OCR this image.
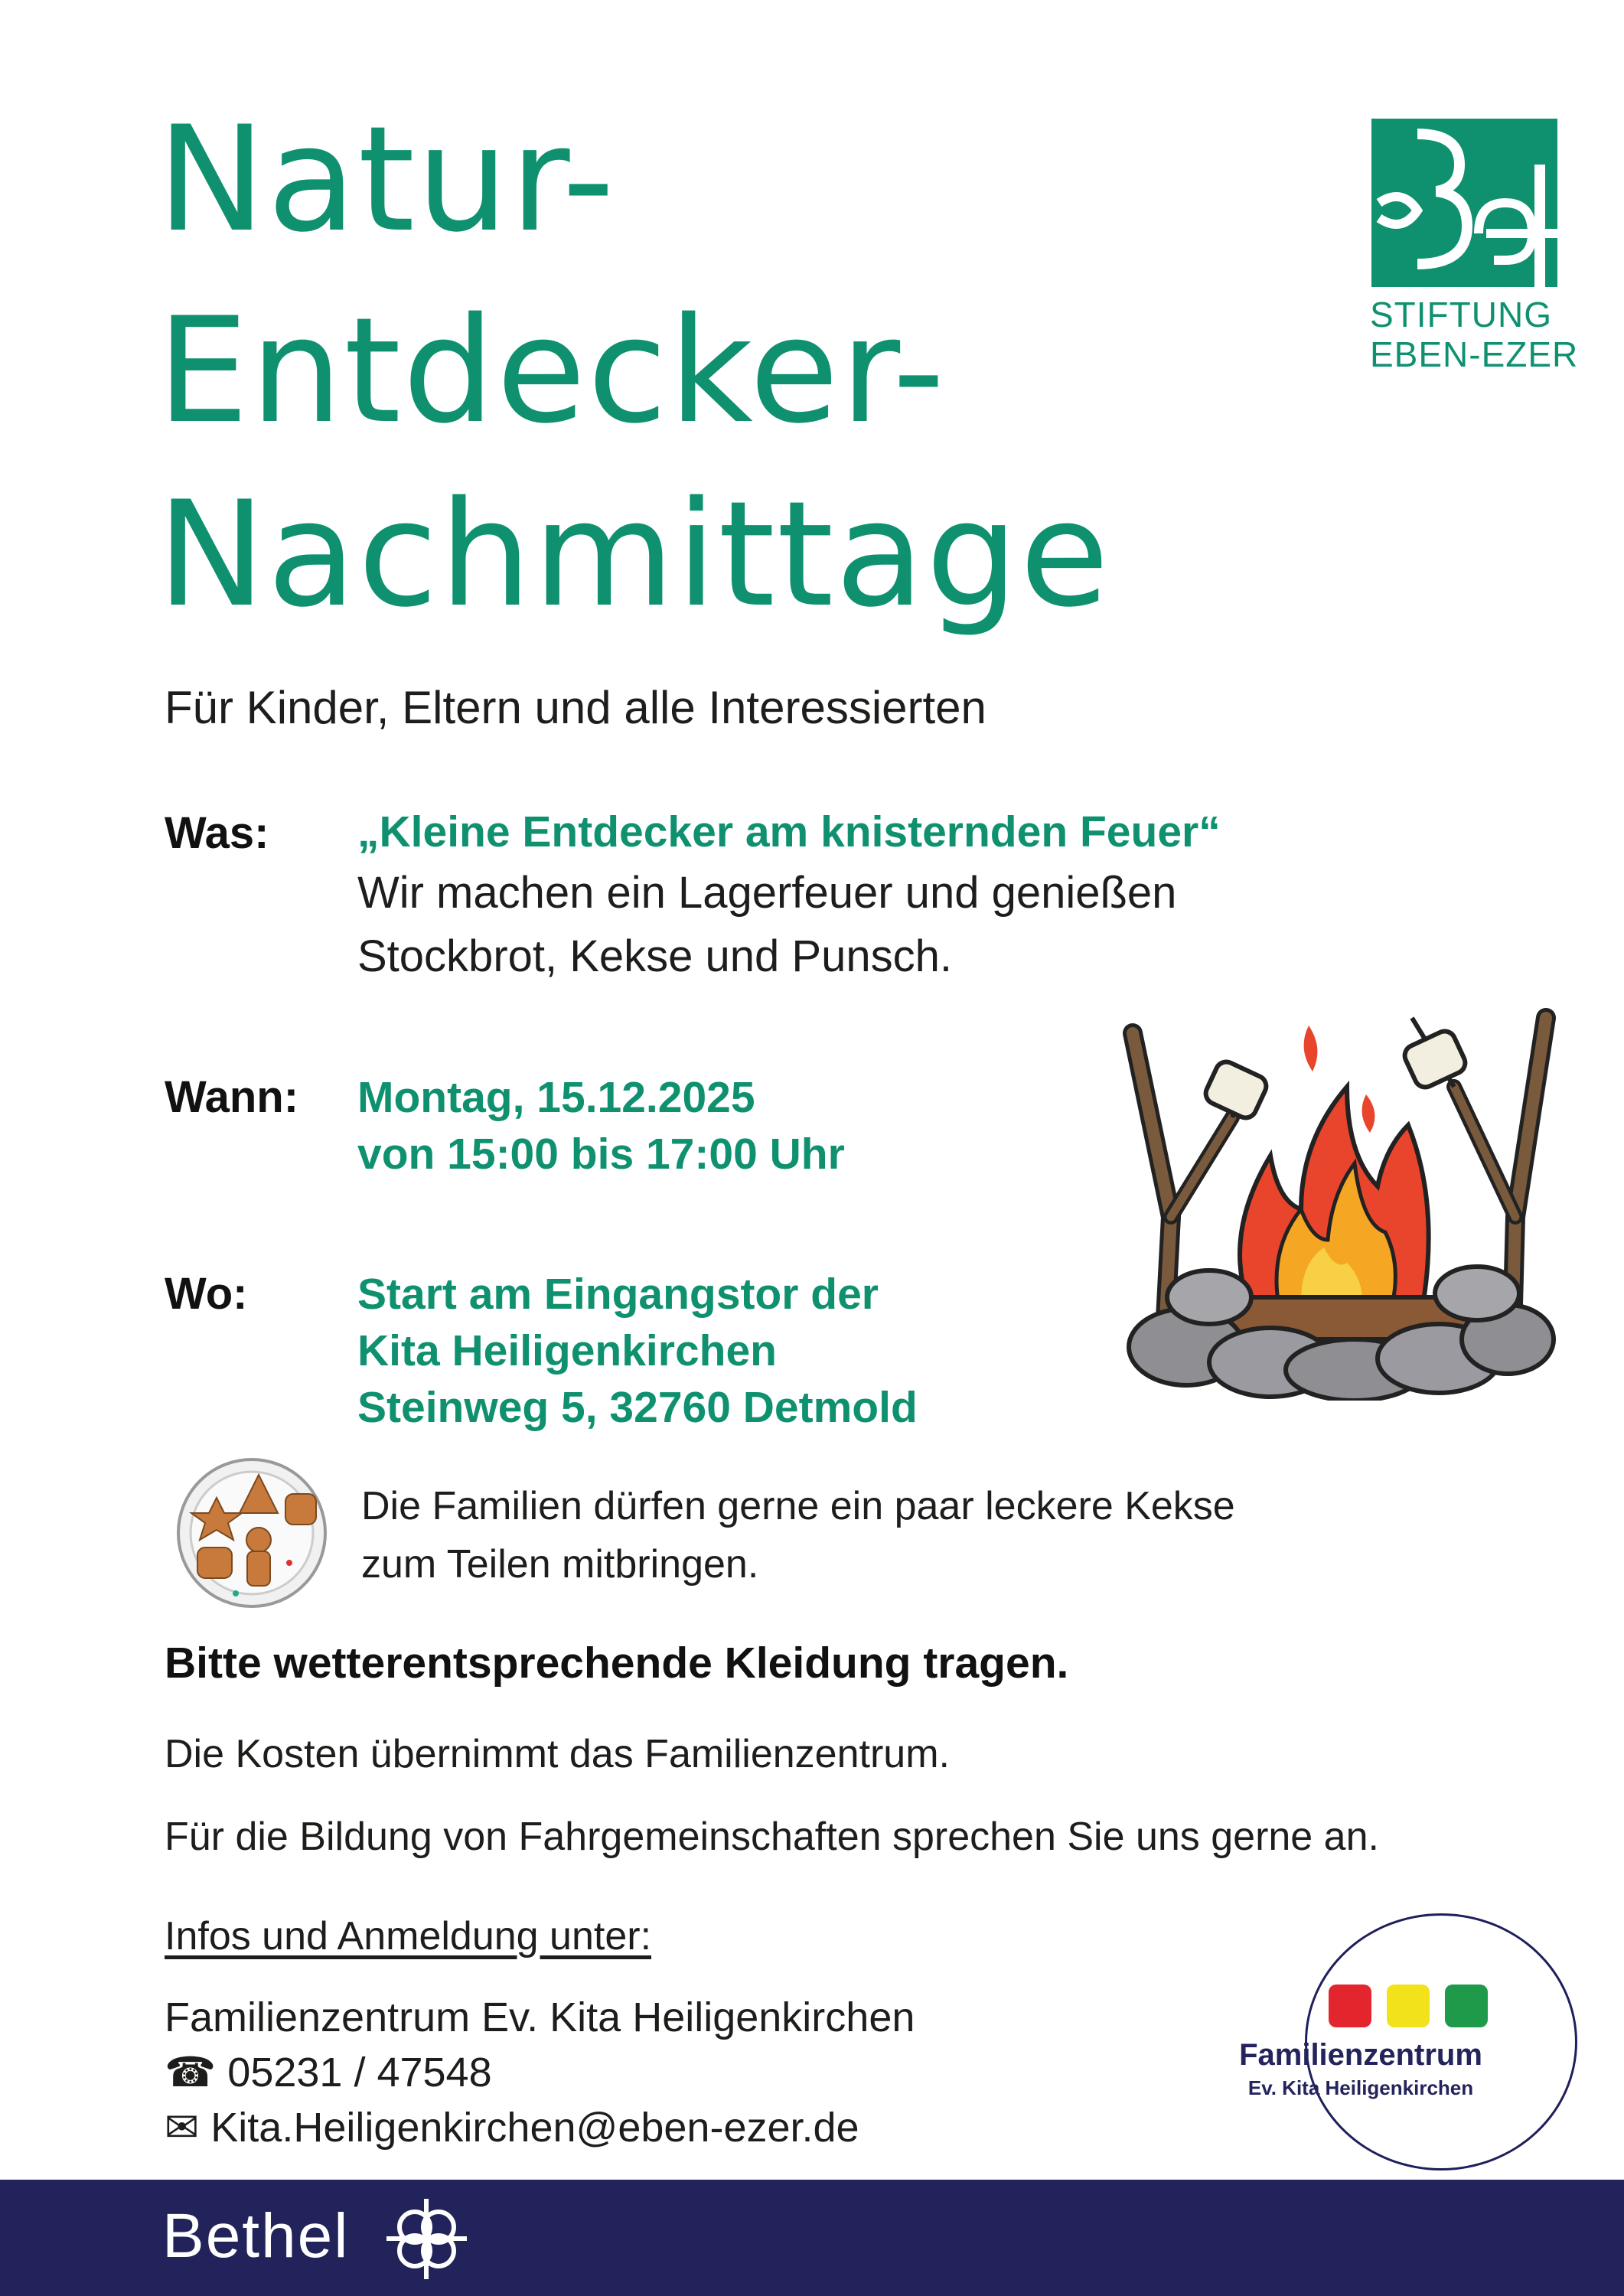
Natur-
Entdecker-
Nachmittage
Für Kinder, Eltern und alle Interessierten
STIFTUNG
EBEN-EZER
Was: „Kleine Entdecker am knisternden Feuer“
Wir machen ein Lagerfeuer und genießen
Stockbrot, Kekse und Punsch.
Wann: Montag, 15.12.2025
von 15:00 bis 17:00 Uhr
Wo:	Start am Eingangstor der
Kita Heiligenkirchen
Steinweg 5, 32760 Detmold
Die Familien dürfen gerne ein paar leckere Kekse
zum Teilen mitbringen.
Bitte wetterentsprechende Kleidung tragen.
Die Kosten übernimmt das Familienzentrum.
Für die Bildung von Fahrgemeinschaften sprechen Sie uns gerne an.
Infos und Anmeldung unter:
Familienzentrum Ev. Kita Heiligenkirchen
☎ 05231 / 47548
✉ Kita.Heiligenkirchen@eben-ezer.de
Familienzentrum
Ev. Kita Heiligenkirchen
Bethel
